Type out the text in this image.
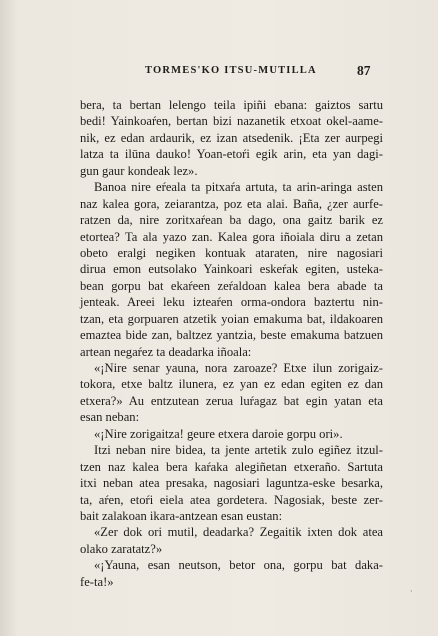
TORMES'KO ITSU-MUTILLA	87
bera, ta bertan lelengo teila ipiñi ebana: gaiztos sartu
bedi! Yainkoaŕen, bertan bizi nazanetik etxoat okel-aame-
nik, ez edan ardaurik, ez izan atsedenik. ¡Eta zer aurpegi
latza ta ilūna dauko! Yoan-etoŕi egik arin, eta yan dagi-
gun gaur kondeak lez».
Banoa nire eŕeala ta pitxaŕa artuta, ta arin-aringa asten
naz kalea gora, zeiarantza, poz eta alai. Baña, ¿zer aurfe-
ratzen da, nire zoritxaŕean ba dago, ona gaitz barik ez
etortea? Ta ala yazo zan. Kalea gora iñoiala diru a zetan
obeto eralgi negiken kontuak ataraten, nire nagosiari
dirua emon eutsolako Yainkoari eskeŕak egiten, usteka-
bean gorpu bat ekaŕeen zeŕaldoan kalea bera abade ta
jenteak. Areei leku izteaŕen orma-ondora baztertu nin-
tzan, eta gorpuaren atzetik yoian emakuma bat, ildakoaren
emaztea bide zan, baltzez yantzia, beste emakuma batzuen
artean negaŕez ta deadarka iñoala:
«¡Nire senar yauna, nora zaroaze? Etxe ilun zorigaiz-
tokora, etxe baltz ilunera, ez yan ez edan egiten ez dan
etxera?» Au entzutean zerua luŕagaz bat egin yatan eta
esan neban:
«¡Nire zorigaitza! geure etxera daroie gorpu ori».
Itzi neban nire bidea, ta jente artetik zulo egiñez itzul-
tzen naz kalea bera kaŕaka alegiñetan etxeraño. Sartuta
itxi neban atea presaka, nagosiari laguntza-eske besarka,
ta, aŕen, etoŕi eiela atea gordetera. Nagosiak, beste zer-
bait zalakoan ikara-antzean esan eustan:
«Zer dok ori mutil, deadarka? Zegaitik ixten dok atea
olako zaratatz?»
«¡Yauna, esan neutson, betor ona, gorpu bat daka-
fe-ta!»
·
